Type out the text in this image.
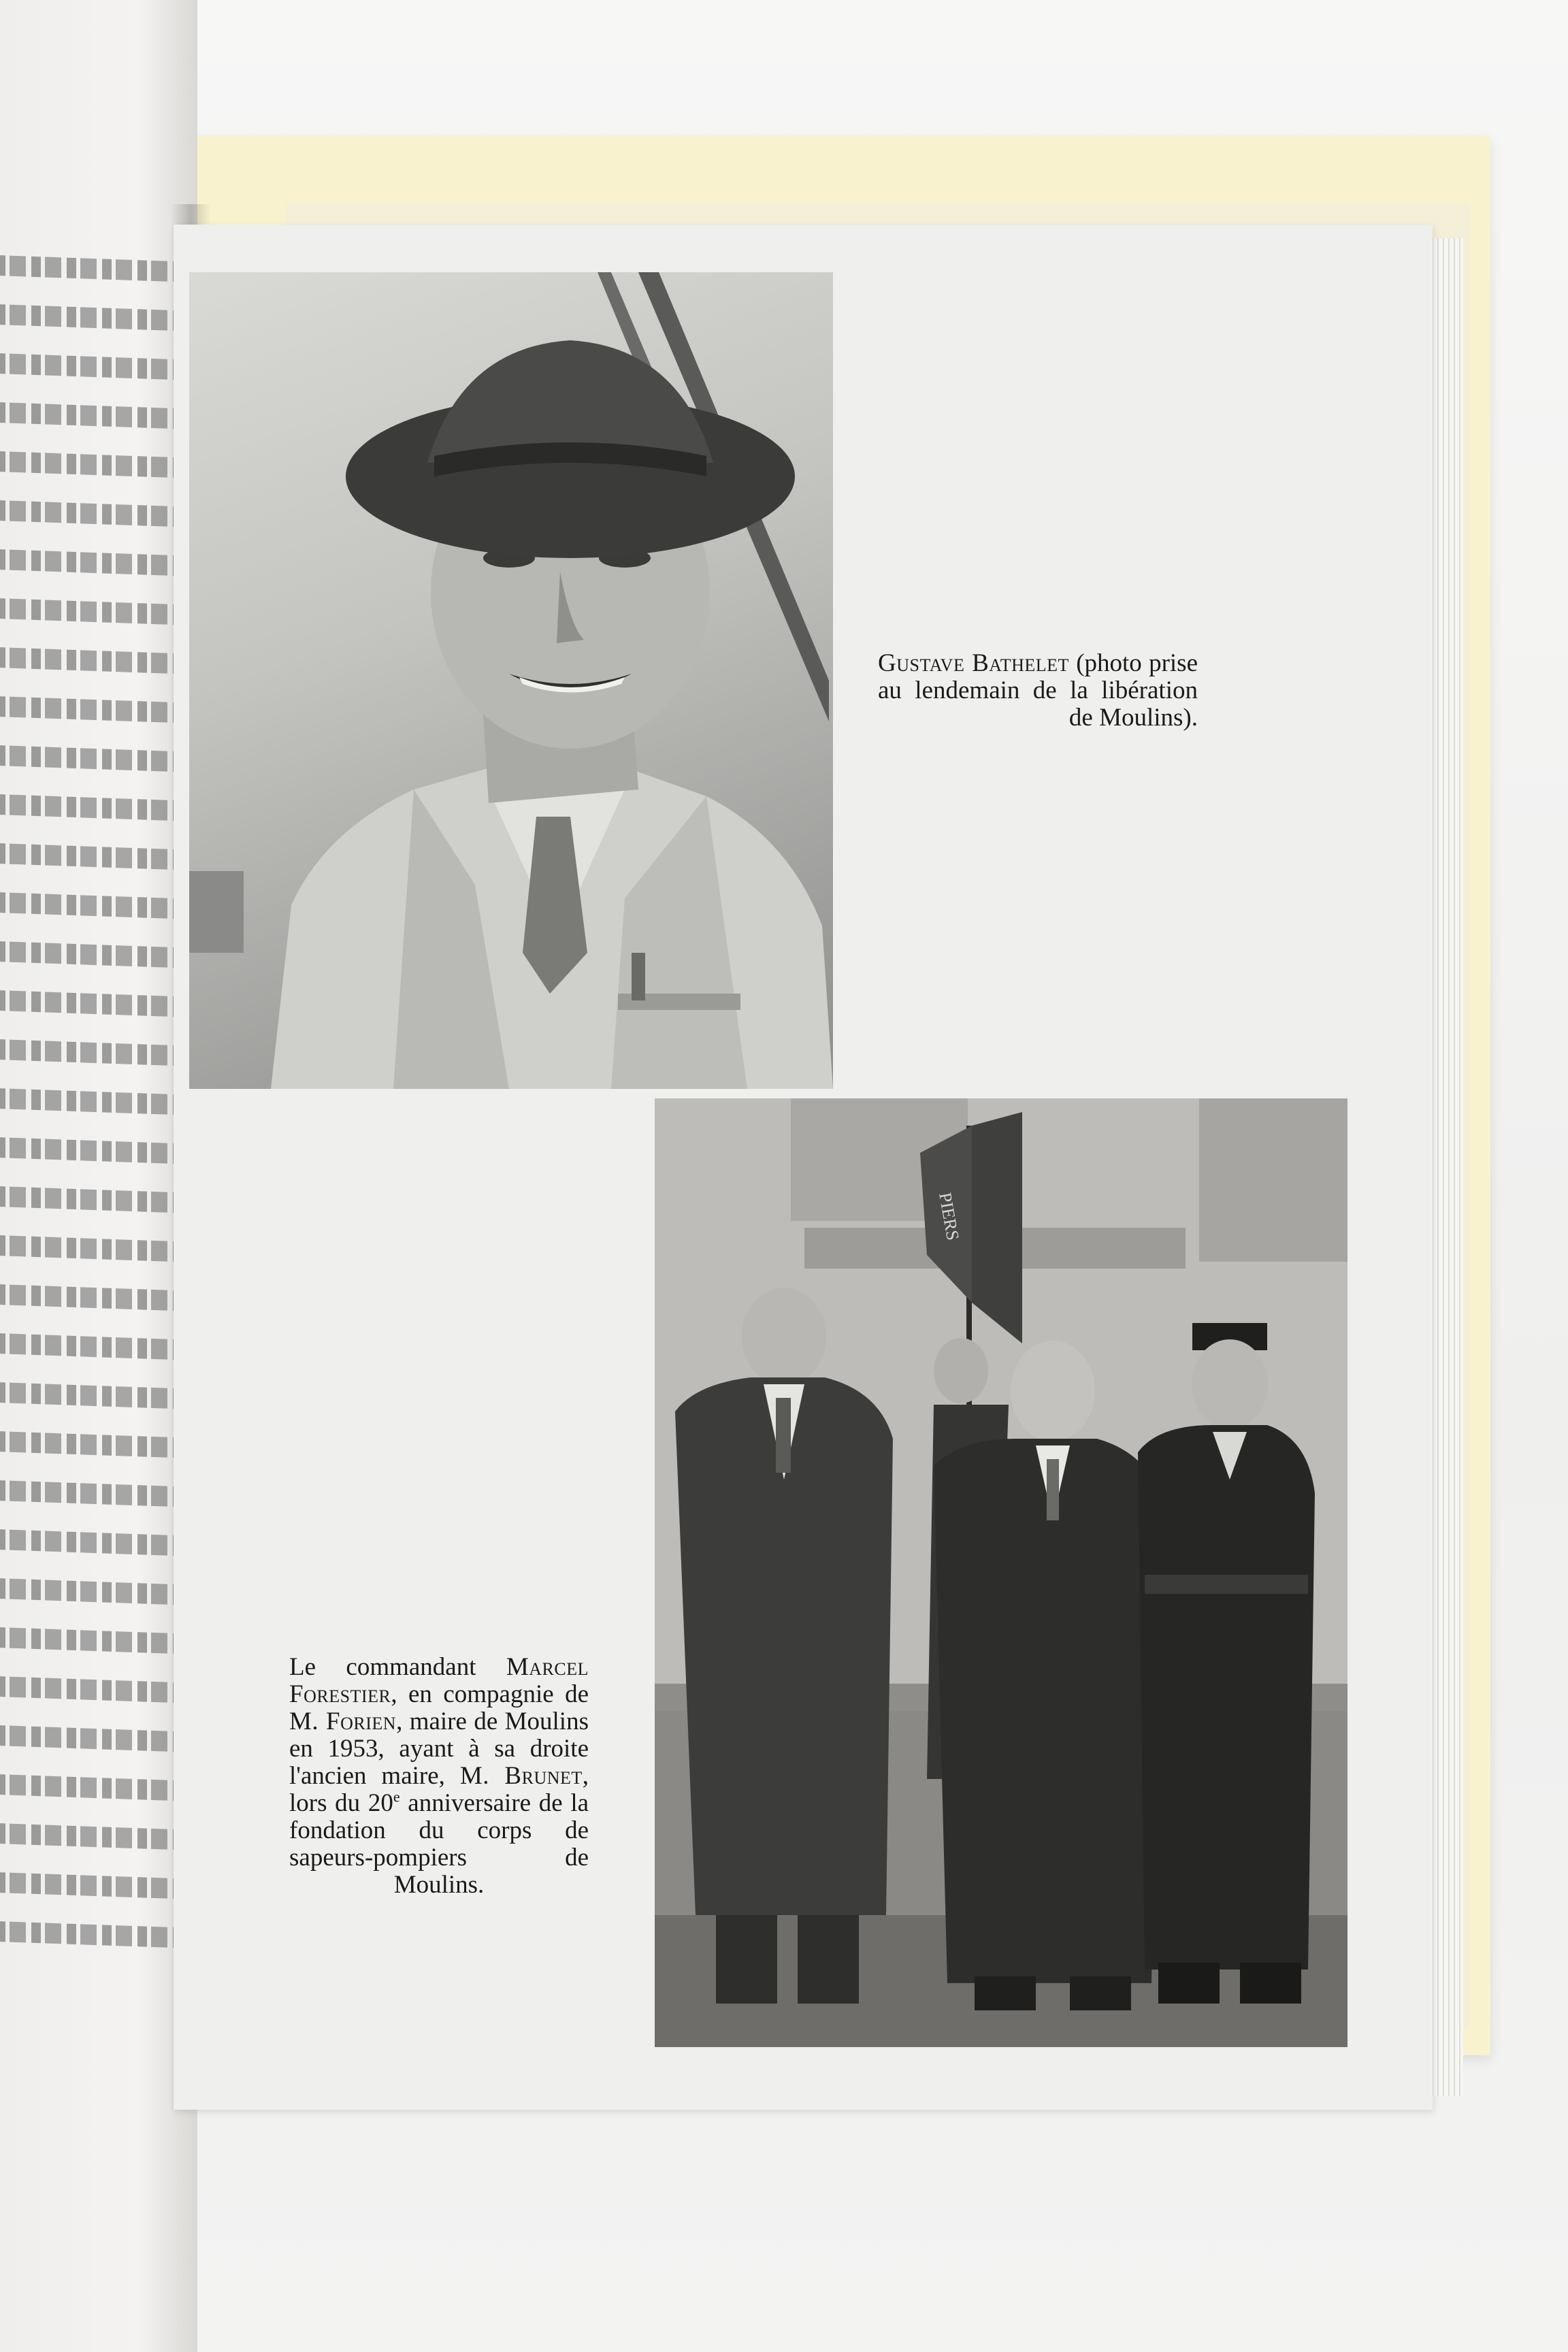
PIERS
Gustave Bathelet (photo prise au lendemain de la libération de Moulins).
Le commandant Marcel Forestier, en compagnie de M. Forien, maire de Moulins en 1953, ayant à sa droite l'ancien maire, M. Brunet, lors du 20e anniversaire de la fondation du corps de sapeurs-pompiers de Moulins.
